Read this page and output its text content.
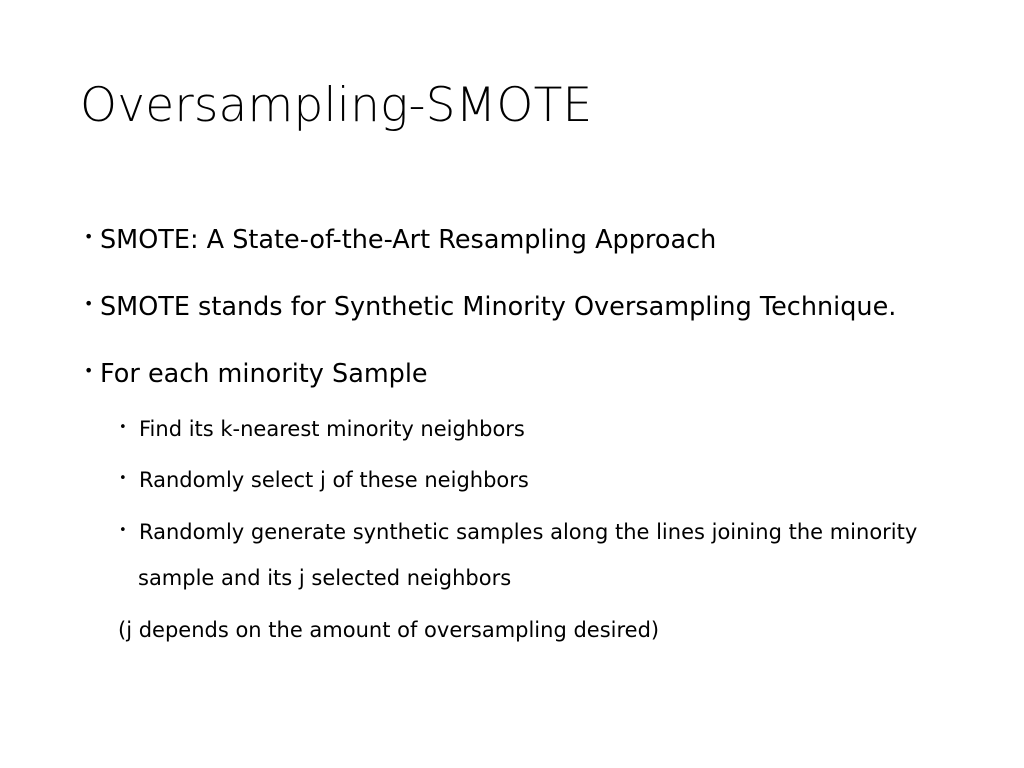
Oversampling-SMOTE
• SMOTE: A State-of-the-Art Resampling Approach
• SMOTE stands for Synthetic Minority Oversampling Technique.
• For each minority Sample
• Find its k-nearest minority neighbors
• Randomly select j of these neighbors
• Randomly generate synthetic samples along the lines joining the minority
sample and its j selected neighbors
(j depends on the amount of oversampling desired)
